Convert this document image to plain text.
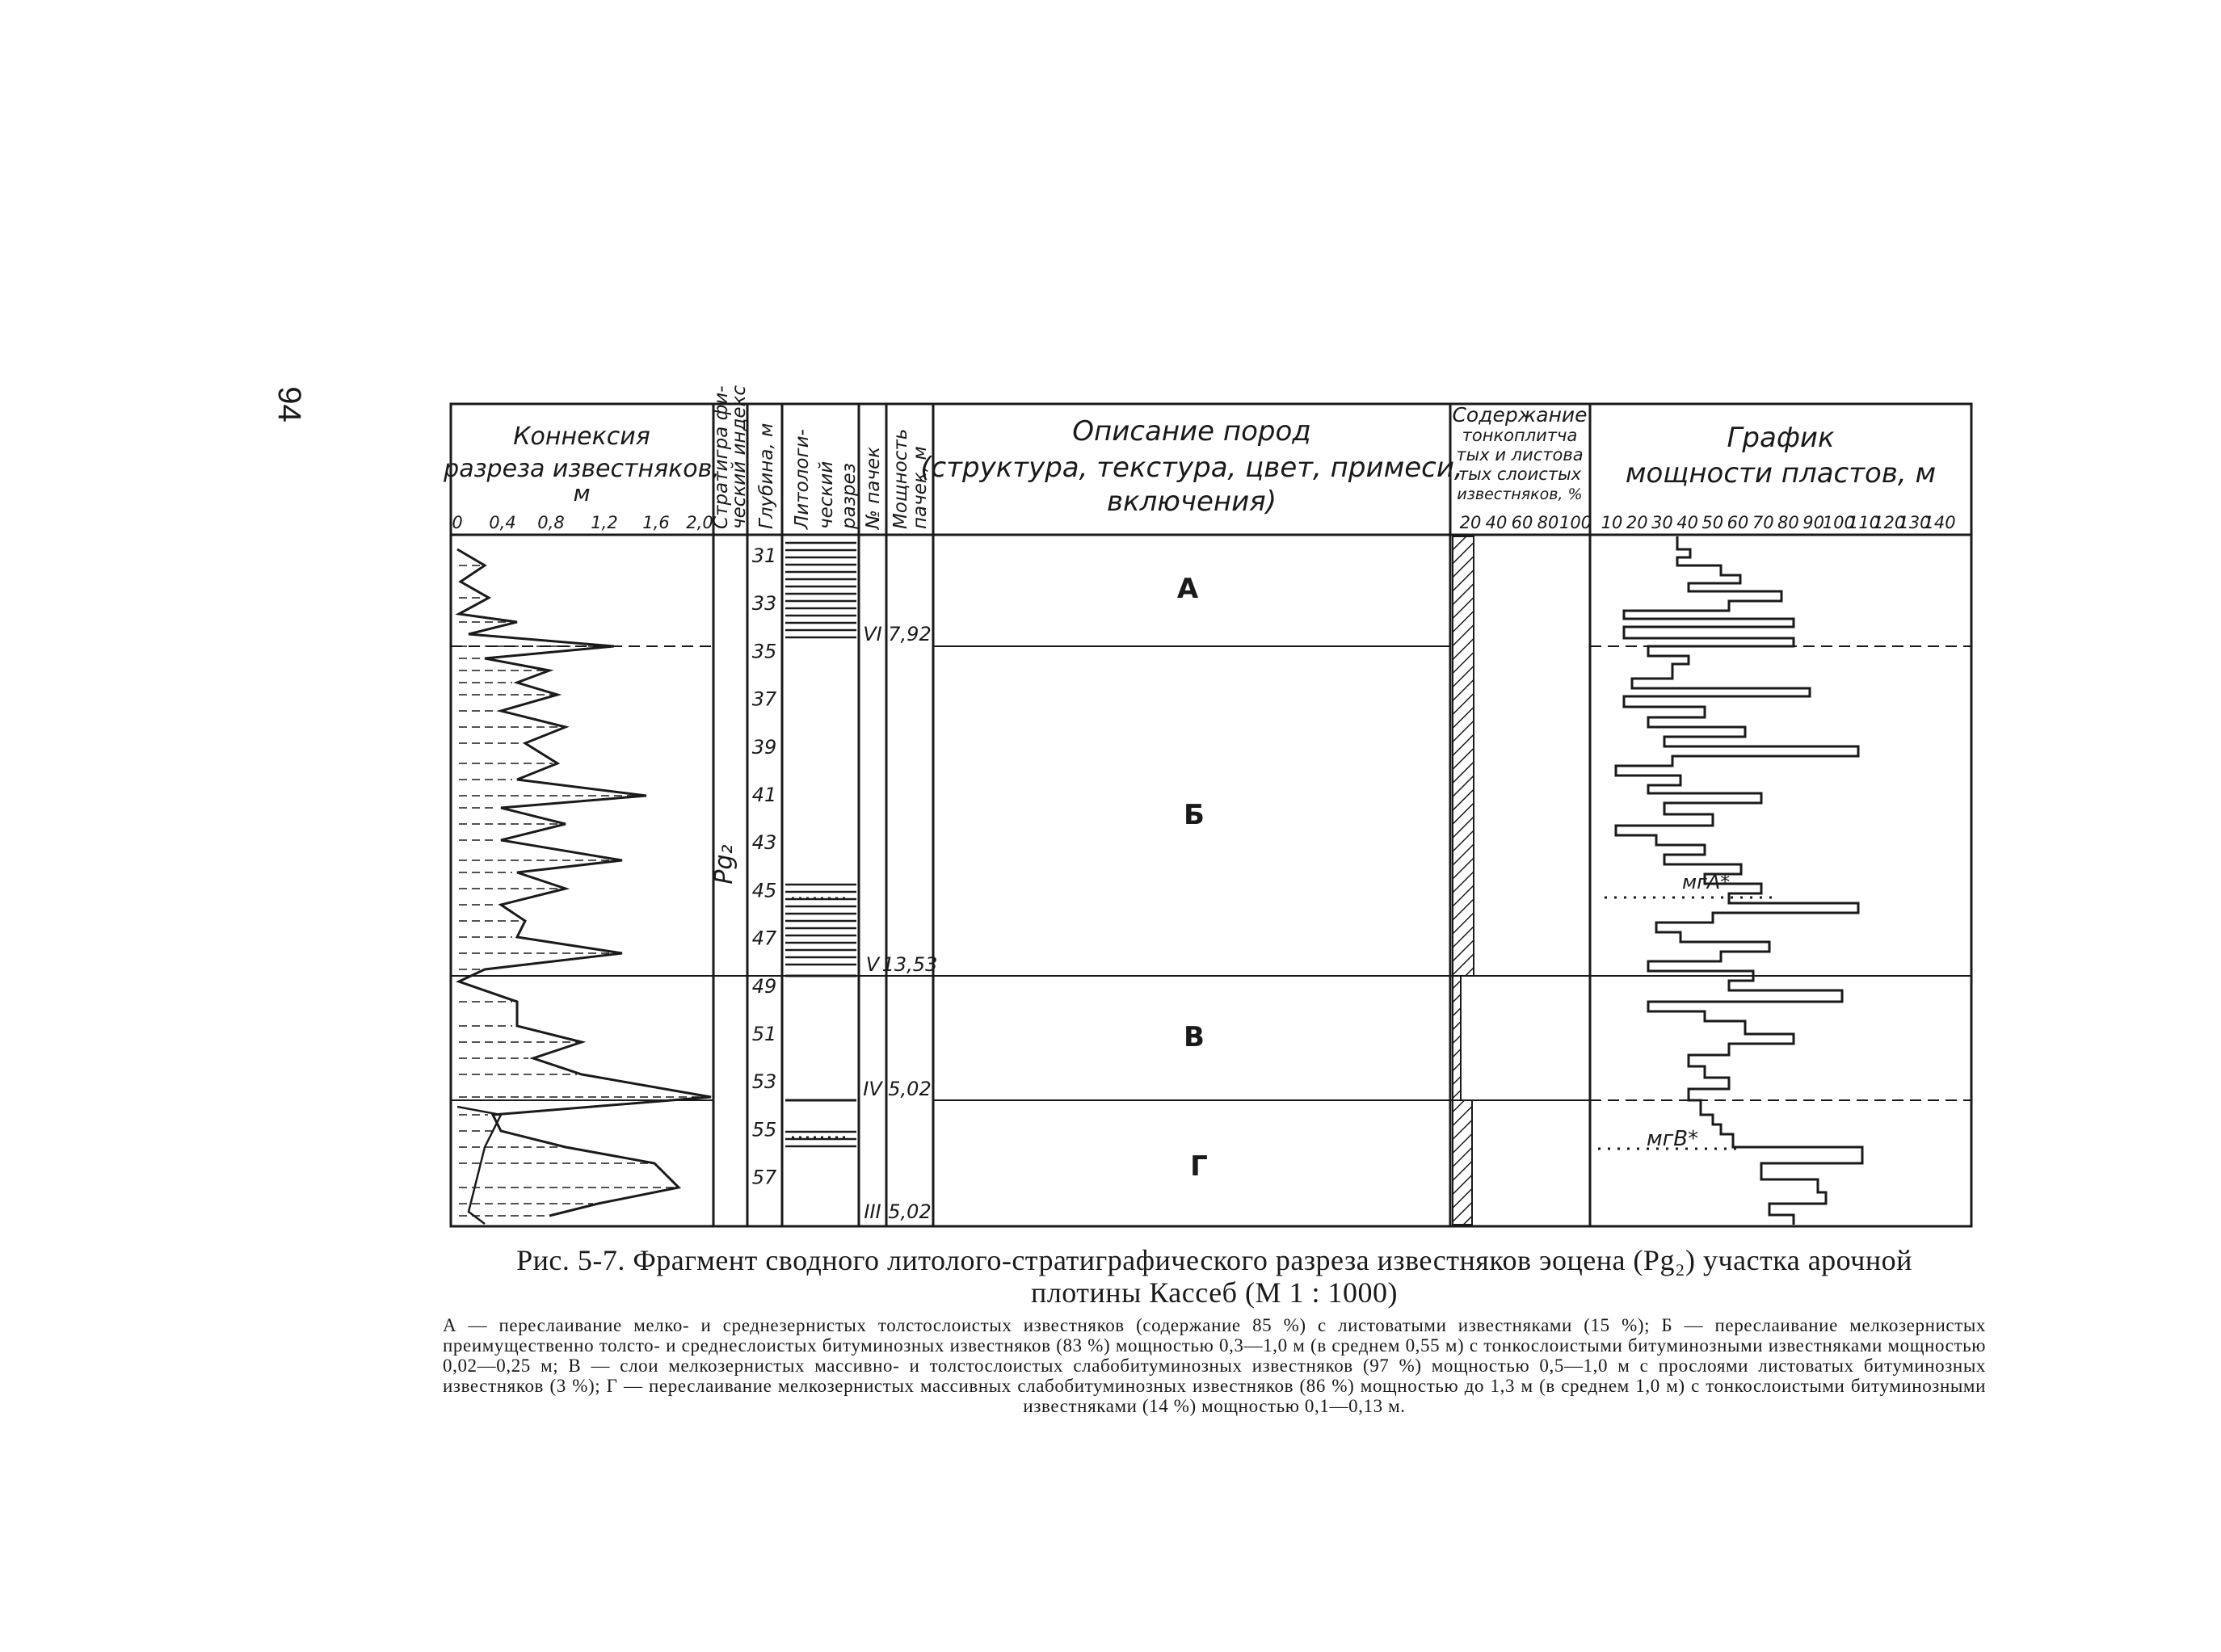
94
Коннексия
разреза известняков,
м
0 0,4 0,8 1,2 1,6 2,0
Стратигра фи-
ческий индекс Глубина, м Литологи- ческий разрез № пачек Мощность
пачек, м
Описание пород
(структура, текстура, цвет, примеси,
включения)
Содержание
тонкоплитча
тых и листова
тых слоистых
известняков, %
20 40 60 80 100
График
мощности пластов, м
10 20 30 40 50 60 70 80 90
100
110
120
130
140
Pg₂
31
33
35
37
39
41
43
45
47
49
51
53
55
57
VI 7,92
V 13,53
IV 5,02
III 5,02
А
Б
В
Г
мгА*
мгВ*
Рис. 5-7. Фрагмент сводного литолого-стратиграфического разреза известняков эоцена (Pg₂) участка арочной
плотины Кассеб (М 1 : 1000)
А — переслаивание мелко- и среднезернистых толстослоистых известняков (содержание 85 %) с листоватыми известняками (15 %); Б — переслаивание мелкозернистых преимущественно толсто- и среднеслоистых битуминозных известняков (83 %) мощностью 0,3—1,0 м (в среднем 0,55 м) с тонкослоистыми битуминозными известняками мощностью 0,02—0,25 м; В — слои мелкозернистых массивно- и толстослоистых слабобитуминозных известняков (97 %) мощностью 0,5—1,0 м с прослоями листоватых битуминозных известняков (3 %); Г — переслаивание мелкозернистых массивных слабобитуминозных известняков (86 %) мощностью до 1,3 м (в среднем 1,0 м) с тонкослоистыми битуминозными известняками (14 %) мощностью 0,1—0,13 м.
